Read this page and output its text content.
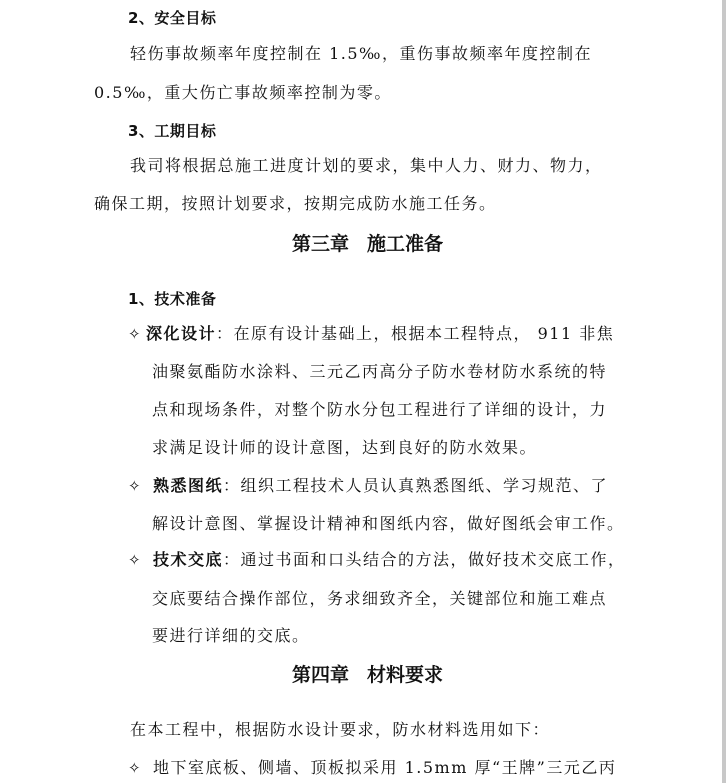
2、安全目标
轻伤事故频率年度控制在 1.5‰，重伤事故频率年度控制在
0.5‰，重大伤亡事故频率控制为零。
3、工期目标
我司将根据总施工进度计划的要求，集中人力、财力、物力，
确保工期，按照计划要求，按期完成防水施工任务。
第三章 施工准备
1、技术准备
✧ 深化设计：在原有设计基础上，根据本工程特点， 911 非焦
油聚氨酯防水涂料、三元乙丙高分子防水卷材防水系统的特
点和现场条件，对整个防水分包工程进行了详细的设计，力
求满足设计师的设计意图，达到良好的防水效果。
✧ 熟悉图纸：组织工程技术人员认真熟悉图纸、学习规范、了
解设计意图、掌握设计精神和图纸内容，做好图纸会审工作。
✧ 技术交底：通过书面和口头结合的方法，做好技术交底工作，
交底要结合操作部位，务求细致齐全，关键部位和施工难点
要进行详细的交底。
第四章 材料要求
在本工程中，根据防水设计要求，防水材料选用如下：
✧ 地下室底板、侧墙、顶板拟采用 1.5mm 厚“王牌”三元乙丙
